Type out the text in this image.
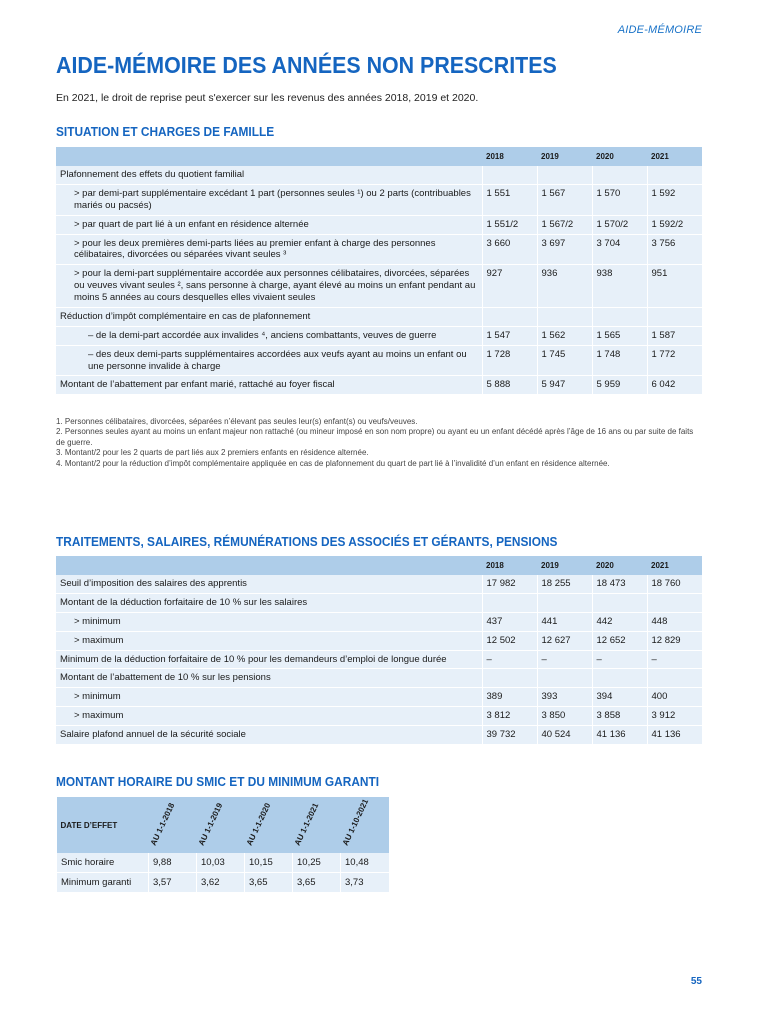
AIDE-MÉMOIRE
AIDE-MÉMOIRE DES ANNÉES NON PRESCRITES
En 2021, le droit de reprise peut s'exercer sur les revenus des années 2018, 2019 et 2020.
SITUATION ET CHARGES DE FAMILLE
	2018	2019	2020	2021
Plafonnement des effets du quotient familial				
> par demi-part supplémentaire excédant 1 part (personnes seules ¹) ou 2 parts (contribuables mariés ou pacsés)	1 551	1 567	1 570	1 592
> par quart de part lié à un enfant en résidence alternée	1 551/2	1 567/2	1 570/2	1 592/2
> pour les deux premières demi-parts liées au premier enfant à charge des personnes célibataires, divorcées ou séparées vivant seules ³	3 660	3 697	3 704	3 756
> pour la demi-part supplémentaire accordée aux personnes célibataires, divorcées, séparées ou veuves vivant seules ², sans personne à charge, ayant élevé au moins un enfant pendant au moins 5 années au cours desquelles elles vivaient seules	927	936	938	951
Réduction d’impôt complémentaire en cas de plafonnement				
– de la demi-part accordée aux invalides ⁴, anciens combattants, veuves de guerre	1 547	1 562	1 565	1 587
– des deux demi-parts supplémentaires accordées aux veufs ayant au moins un enfant ou une personne invalide à charge	1 728	1 745	1 748	1 772
Montant de l’abattement par enfant marié, rattaché au foyer fiscal	5 888	5 947	5 959	6 042

1. Personnes célibataires, divorcées, séparées n’élevant pas seules leur(s) enfant(s) ou veufs/veuves.

2. Personnes seules ayant au moins un enfant majeur non rattaché (ou mineur imposé en son nom propre) ou ayant eu un enfant décédé après l’âge de 16 ans ou par suite de faits de guerre.

3. Montant/2 pour les 2 quarts de part liés aux 2 premiers enfants en résidence alternée.

4. Montant/2 pour la réduction d’impôt complémentaire appliquée en cas de plafonnement du quart de part lié à l’invalidité d’un enfant en résidence alternée.

TRAITEMENTS, SALAIRES, RÉMUNÉRATIONS DES ASSOCIÉS ET GÉRANTS, PENSIONS
	2018	2019	2020	2021
Seuil d’imposition des salaires des apprentis	17 982	18 255	18 473	18 760
Montant de la déduction forfaitaire de 10 % sur les salaires				
> minimum	437	441	442	448
> maximum	12 502	12 627	12 652	12 829
Minimum de la déduction forfaitaire de 10 % pour les demandeurs d’emploi de longue durée	–	–	–	–
Montant de l’abattement de 10 % sur les pensions				
> minimum	389	393	394	400
> maximum	3 812	3 850	3 858	3 912
Salaire plafond annuel de la sécurité sociale	39 732	40 524	41 136	41 136
MONTANT HORAIRE DU SMIC ET DU MINIMUM GARANTI
DATE D’EFFET	AU 1-1-2018	AU 1-1-2019	AU 1-1-2020	AU 1-1-2021	AU 1-10-2021

Smic horaire	9,88	10,03	10,15	10,25	10,48
Minimum garanti	3,57	3,62	3,65	3,65	3,73
55
